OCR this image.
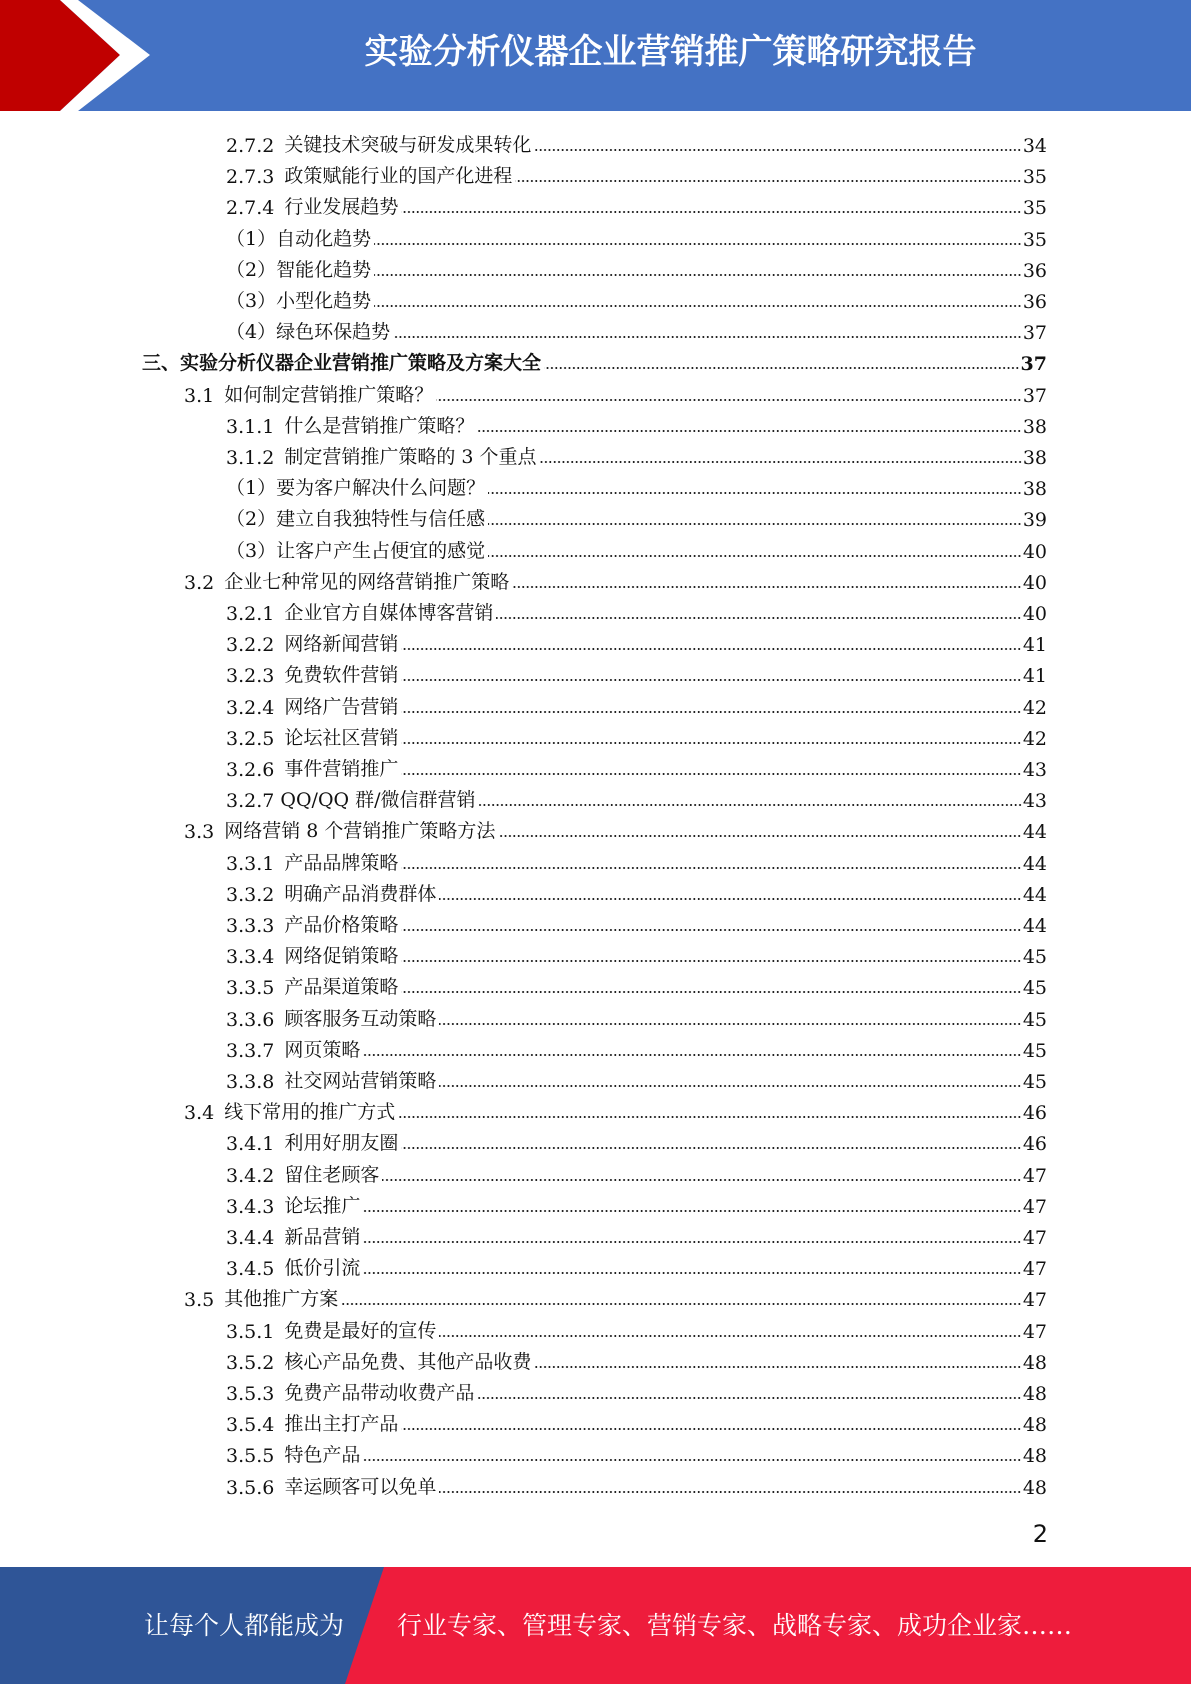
实验分析仪器企业营销推广策略研究报告
2.7.2 关键技术突破与研发成果转化	34
2.7.3 政策赋能行业的国产化进程	35
2.7.4 行业发展趋势	35
（1） 自动化趋势	35
（2） 智能化趋势	36
（3） 小型化趋势	36
（4） 绿色环保趋势	37
三、 实验分析仪器企业营销推广策略及方案大全	37
3.1 如何制定营销推广策略？	37
3.1.1 什么是营销推广策略？	38
3.1.2 制定营销推广策略的 3 个重点	38
（1） 要为客户解决什么问题？	38
（2） 建立自我独特性与信任感	39
（3） 让客户产生占便宜的感觉	40
3.2 企业七种常见的网络营销推广策略	40
3.2.1 企业官方自媒体博客营销	40
3.2.2 网络新闻营销	41
3.2.3 免费软件营销	41
3.2.4 网络广告营销	42
3.2.5 论坛社区营销	42
3.2.6 事件营销推广	43
3.2.7 QQ/QQ 群/微信群营销	43
3.3 网络营销 8 个营销推广策略方法	44
3.3.1 产品品牌策略	44
3.3.2 明确产品消费群体	44
3.3.3 产品价格策略	44
3.3.4 网络促销策略	45
3.3.5 产品渠道策略	45
3.3.6 顾客服务互动策略	45
3.3.7 网页策略	45
3.3.8 社交网站营销策略	45
3.4 线下常用的推广方式	46
3.4.1 利用好朋友圈	46
3.4.2 留住老顾客	47
3.4.3 论坛推广	47
3.4.4 新品营销	47
3.4.5 低价引流	47
3.5 其他推广方案	47
3.5.1 免费是最好的宣传	47
3.5.2 核心产品免费、其他产品收费	48
3.5.3 免费产品带动收费产品	48
3.5.4 推出主打产品	48
3.5.5 特色产品	48
3.5.6 幸运顾客可以免单	48
2
让每个人都能成为 行业专家、管理专家、营销专家、战略专家、成功企业家……
